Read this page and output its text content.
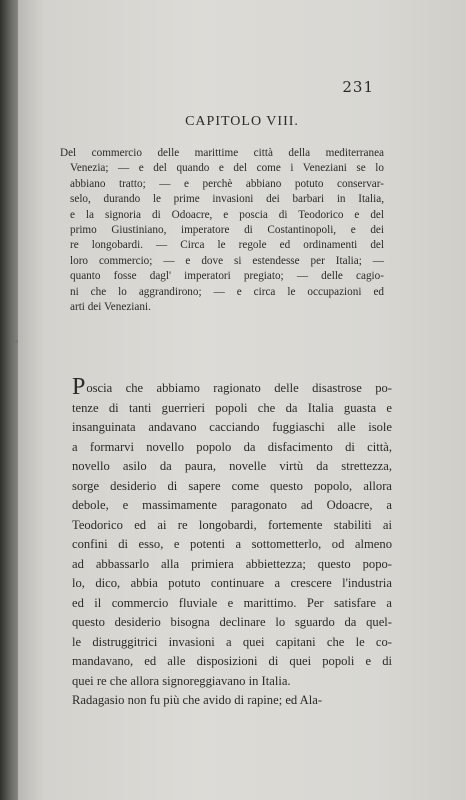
231
CAPITOLO VIII.
Del commercio delle marittime città della mediterranea
Venezia; — e del quando e del come i Veneziani se lo
abbiano tratto; — e perchè abbiano potuto conservar-
selo, durando le prime invasioni dei barbari in Italia,
e la signoria di Odoacre, e poscia di Teodorico e del
primo Giustiniano, imperatore di Costantinopoli, e dei
re longobardi. — Circa le regole ed ordinamenti del
loro commercio; — e dove si estendesse per Italia; —
quanto fosse dagl' imperatori pregiato; — delle cagio-
ni che lo aggrandirono; — e circa le occupazioni ed
arti dei Veneziani.
Poscia che abbiamo ragionato delle disastrose po-
tenze di tanti guerrieri popoli che da Italia guasta e
insanguinata andavano cacciando fuggiaschi alle isole
a formarvi novello popolo da disfacimento di città,
novello asilo da paura, novelle virtù da strettezza,
sorge desiderio di sapere come questo popolo, allora
debole, e massimamente paragonato ad Odoacre, a
Teodorico ed ai re longobardi, fortemente stabiliti ai
confini di esso, e potenti a sottometterlo, od almeno
ad abbassarlo alla primiera abbiettezza; questo popo-
lo, dico, abbia potuto continuare a crescere l'industria
ed il commercio fluviale e marittimo. Per satisfare a
questo desiderio bisogna declinare lo sguardo da quel-
le distruggitrici invasioni a quei capitani che le co-
mandavano, ed alle disposizioni di quei popoli e di
quei re che allora signoreggiavano in Italia.
Radagasio non fu più che avido di rapine; ed Ala-
